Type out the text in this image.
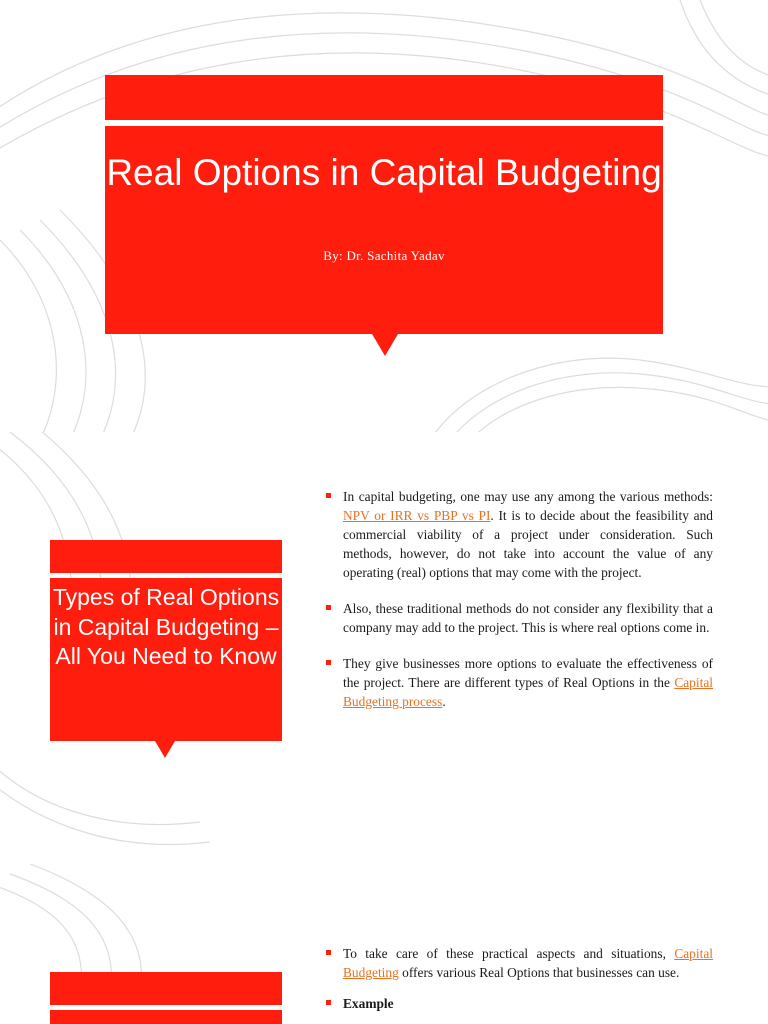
Real Options in Capital Budgeting
By: Dr. Sachita Yadav
Types of Real Options in Capital Budgeting – All You Need to Know
In capital budgeting, one may use any among the various methods: NPV or IRR vs PBP vs PI. It is to decide about the feasibility and commercial viability of a project under consideration. Such methods, however, do not take into account the value of any operating (real) options that may come with the project.
Also, these traditional methods do not consider any flexibility that a company may add to the project. This is where real options come in.
They give businesses more options to evaluate the effectiveness of the project. There are different types of Real Options in the Capital Budgeting process.
To take care of these practical aspects and situations, Capital Budgeting offers various Real Options that businesses can use.
Example
